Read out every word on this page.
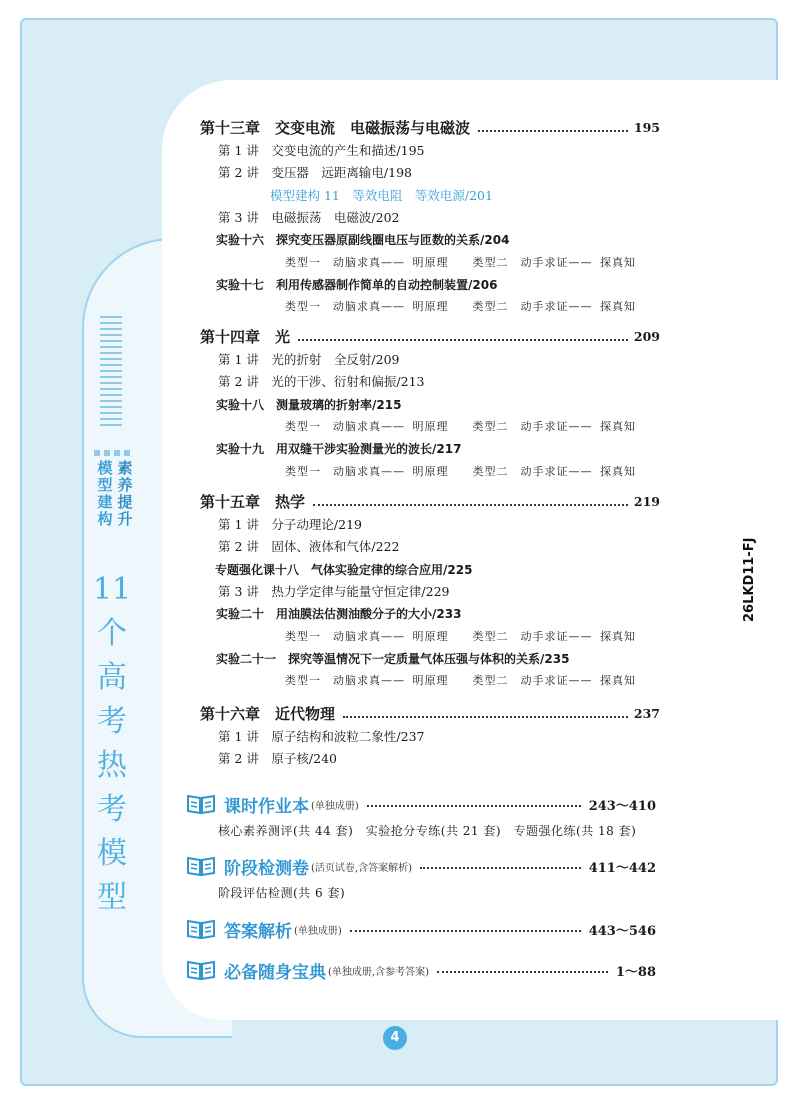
模型建构
素养提升
11个高考热考模型
26LKD11-FJ
4
第十三章　交变电流　电磁振荡与电磁波	195
第 1 讲　交变电流的产生和描述/195
第 2 讲　变压器　远距离输电/198
模型建构 11　等效电阻　等效电源/201
第 3 讲　电磁振荡　电磁波/202
实验十六　探究变压器原副线圈电压与匝数的关系/204
类型一　动脑求真—— 明原理　　类型二　动手求证—— 探真知
实验十七　利用传感器制作简单的自动控制装置/206
类型一　动脑求真—— 明原理　　类型二　动手求证—— 探真知
第十四章　光	209
第 1 讲　光的折射　全反射/209
第 2 讲　光的干涉、衍射和偏振/213
实验十八　测量玻璃的折射率/215
类型一　动脑求真—— 明原理　　类型二　动手求证—— 探真知
实验十九　用双缝干涉实验测量光的波长/217
类型一　动脑求真—— 明原理　　类型二　动手求证—— 探真知
第十五章　热学	219
第 1 讲　分子动理论/219
第 2 讲　固体、液体和气体/222
专题强化课十八　气体实验定律的综合应用/225
第 3 讲　热力学定律与能量守恒定律/229
实验二十　用油膜法估测油酸分子的大小/233
类型一　动脑求真—— 明原理　　类型二　动手求证—— 探真知
实验二十一　探究等温情况下一定质量气体压强与体积的关系/235
类型一　动脑求真—— 明原理　　类型二　动手求证—— 探真知
第十六章　近代物理	237
第 1 讲　原子结构和波粒二象性/237
第 2 讲　原子核/240
课时作业本 (单独成册)	243～410
核心素养测评(共 44 套)　实验抢分专练(共 21 套)　专题强化练(共 18 套)
阶段检测卷 (活页试卷,含答案解析)	411～442
阶段评估检测(共 6 套)
答案解析 (单独成册)	443～546
必备随身宝典 (单独成册,含参考答案)	1～88
